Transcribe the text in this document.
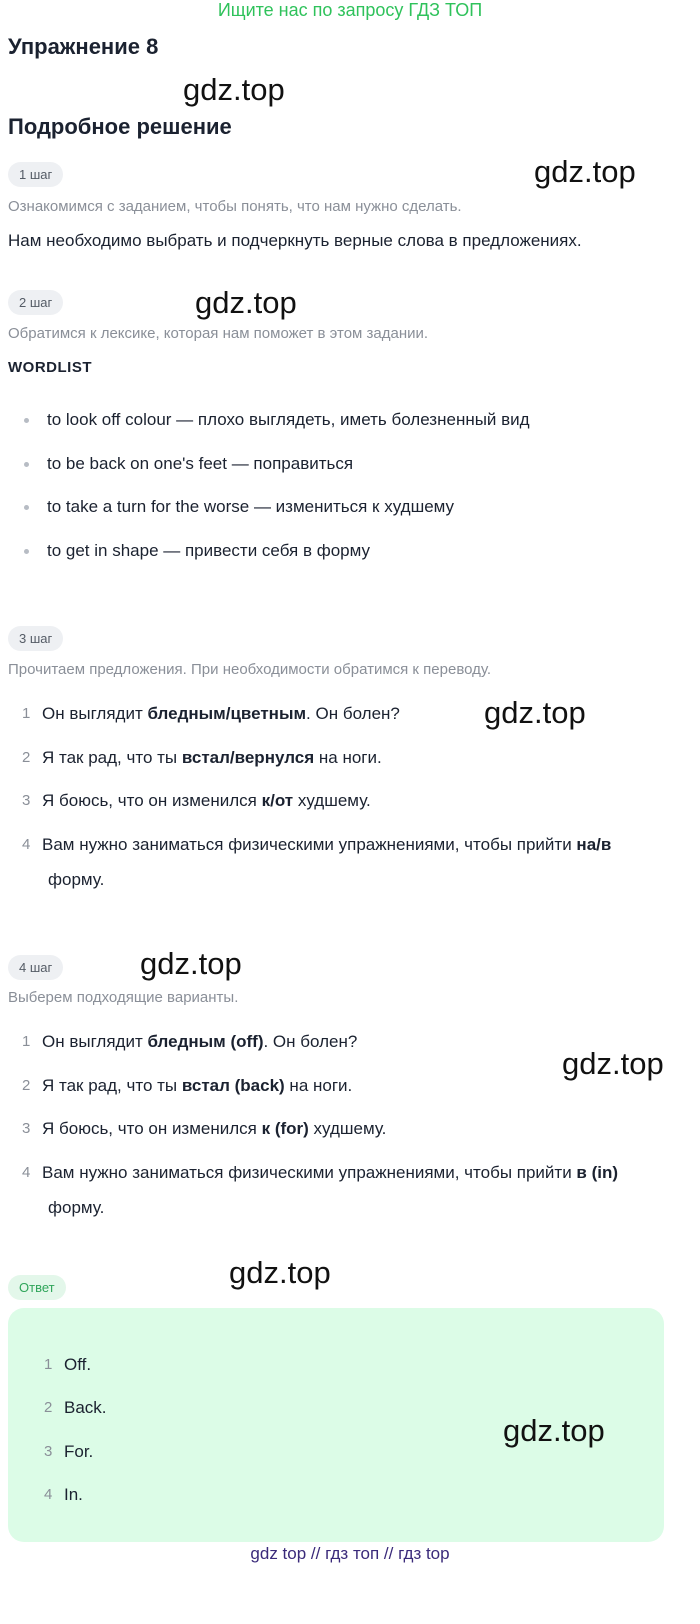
Ищите нас по запросу ГДЗ ТОП
Упражнение 8
gdz.top
Подробное решение
1 шаг	gdz.top
Ознакомимся с заданием, чтобы понять, что нам нужно сделать.
Нам необходимо выбрать и подчеркнуть верные слова в предложениях.
2 шаг	gdz.top
Обратимся к лексике, которая нам поможет в этом задании.
WORDLIST
to look off colour — плохо выглядеть, иметь болезненный вид
to be back on one's feet — поправиться
to take a turn for the worse — измениться к худшему
to get in shape — привести себя в форму
3 шаг
Прочитаем предложения. При необходимости обратимся к переводу.
gdz.top
1 Он выглядит бледным/цветным. Он болен?
2 Я так рад, что ты встал/вернулся на ноги.
3 Я боюсь, что он изменился к/от худшему.
4 Вам нужно заниматься физическими упражнениями, чтобы прийти на/в
форму.
4 шаг	gdz.top
Выберем подходящие варианты.
1 Он выглядит бледным (off). Он болен?
gdz.top
2 Я так рад, что ты встал (back) на ноги.
3 Я боюсь, что он изменился к (for) худшему.
4 Вам нужно заниматься физическими упражнениями, чтобы прийти в (in)
форму.
Ответ	gdz.top
1 Off.
2 Back.
gdz.top
3 For.
4 In.
gdz top // гдз топ // гдз top
